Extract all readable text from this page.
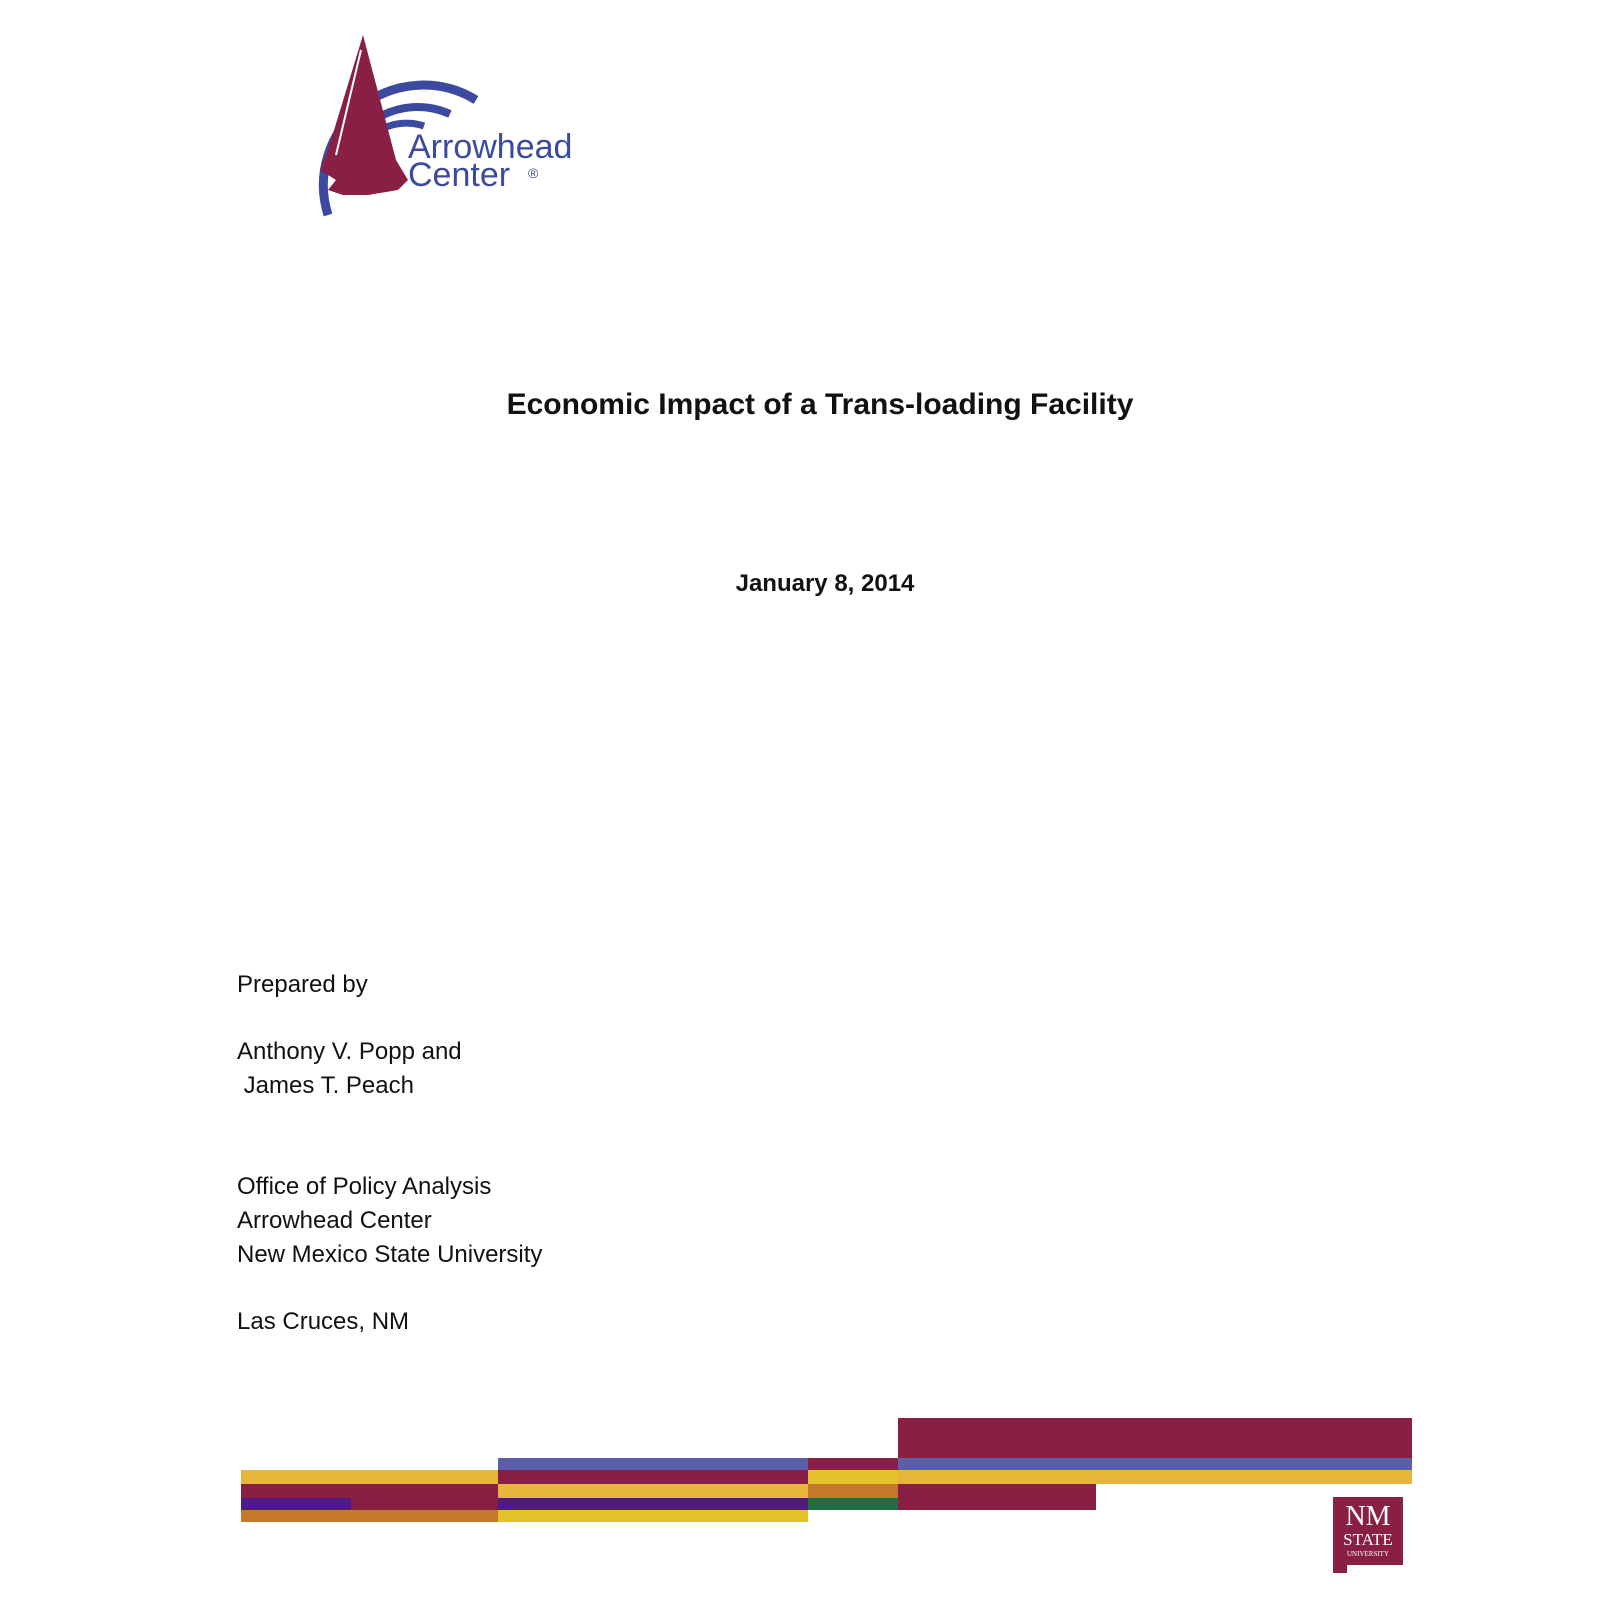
Arrowhead
Center ®
Economic Impact of a Trans-loading Facility
January 8, 2014
Prepared by
Anthony V. Popp and
James T. Peach
Office of Policy Analysis
Arrowhead Center
New Mexico State University
Las Cruces, NM
NM
STATE
UNIVERSITY
